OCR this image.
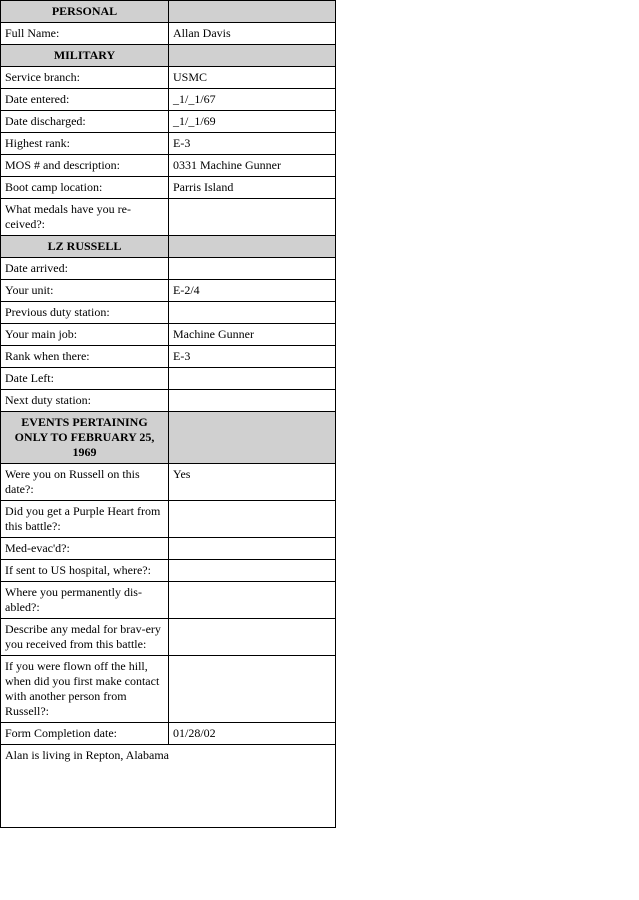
PERSONAL	
Full Name:	Allan Davis
MILITARY	
Service branch:	USMC
Date entered:	_1/_1/67
Date discharged:	_1/_1/69
Highest rank:	E-3
MOS # and description:	0331 Machine Gunner
Boot camp location:	Parris Island
What medals have you re-ceived?:	
LZ RUSSELL	
Date arrived:	
Your unit:	E-2/4
Previous duty station:	
Your main job:	Machine Gunner
Rank when there:	E-3
Date Left:	
Next duty station:	
EVENTS PERTAINING ONLY TO FEBRUARY 25, 1969	
Were you on Russell on this date?:	Yes
Did you get a Purple Heart from this battle?:	
Med-evac'd?:	
If sent to US hospital, where?:	
Where you permanently dis-abled?:	
Describe any medal for brav-ery you received from this battle:	
If you were flown off the hill, when did you first make contact with another person from Russell?:	
Form Completion date:	01/28/02
Alan is living in Repton, Alabama	
